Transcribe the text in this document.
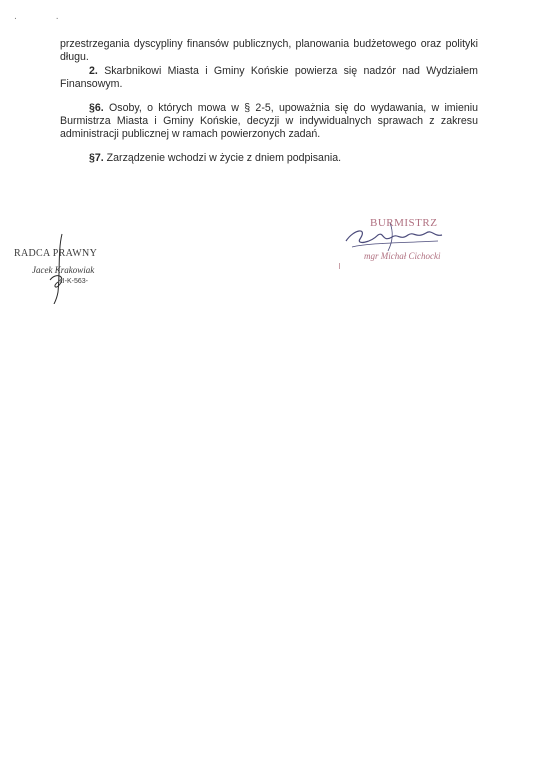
. .

przestrzegania dyscypliny finansów publicznych, planowania budżetowego oraz polityki długu.

2. Skarbnikowi Miasta i Gminy Końskie powierza się nadzór nad Wydziałem Finansowym.

§6. Osoby, o których mowa w § 2-5, upoważnia się do wydawania, w imieniu Burmistrza Miasta i Gminy Końskie, decyzji w indywidualnych sprawach z zakresu administracji publicznej w ramach powierzonych zadań.

§7. Zarządzenie wchodzi w życie z dniem podpisania.

RADCA PRAWNY
Jacek Krakowiak
KI-K-563-
BURMISTRZ
mgr Michał Cichocki
